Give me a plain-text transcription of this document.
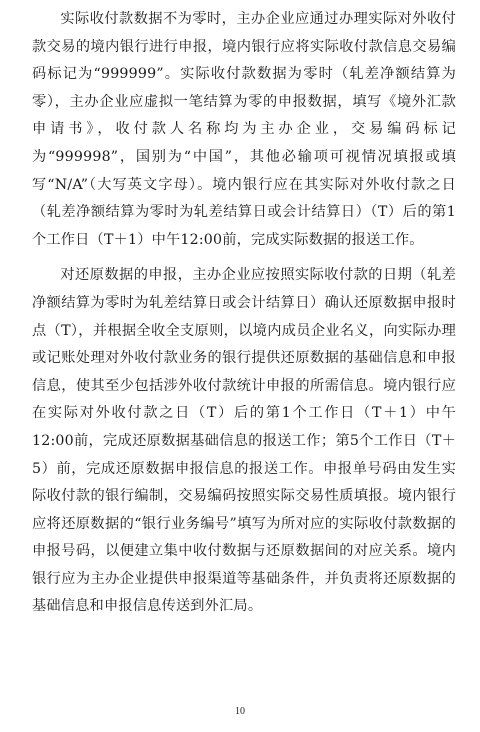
实际收付款数据不为零时，主办企业应通过办理实际对外收付款交易的境内银行进行申报，境内银行应将实际收付款信息交易编码标记为“999999”。实际收付款数据为零时（轧差净额结算为零），主办企业应虚拟一笔结算为零的申报数据，填写《境外汇款申请书》，收付款人名称均为主办企业，交易编码标记为“999998”，国别为“中国”，其他必输项可视情况填报或填写“N/A”（大写英文字母）。境内银行应在其实际对外收付款之日（轧差净额结算为零时为轧差结算日或会计结算日）（T）后的第1个工作日（T＋1）中午12:00前，完成实际数据的报送工作。

对还原数据的申报，主办企业应按照实际收付款的日期（轧差净额结算为零时为轧差结算日或会计结算日）确认还原数据申报时点（T），并根据全收全支原则，以境内成员企业名义，向实际办理或记账处理对外收付款业务的银行提供还原数据的基础信息和申报信息，使其至少包括涉外收付款统计申报的所需信息。境内银行应在实际对外收付款之日（T）后的第1个工作日（T＋1）中午12:00前，完成还原数据基础信息的报送工作；第5个工作日（T＋5）前，完成还原数据申报信息的报送工作。申报单号码由发生实际收付款的银行编制，交易编码按照实际交易性质填报。境内银行应将还原数据的“银行业务编号”填写为所对应的实际收付款数据的申报号码，以便建立集中收付数据与还原数据间的对应关系。境内银行应为主办企业提供申报渠道等基础条件，并负责将还原数据的基础信息和申报信息传送到外汇局。

10
